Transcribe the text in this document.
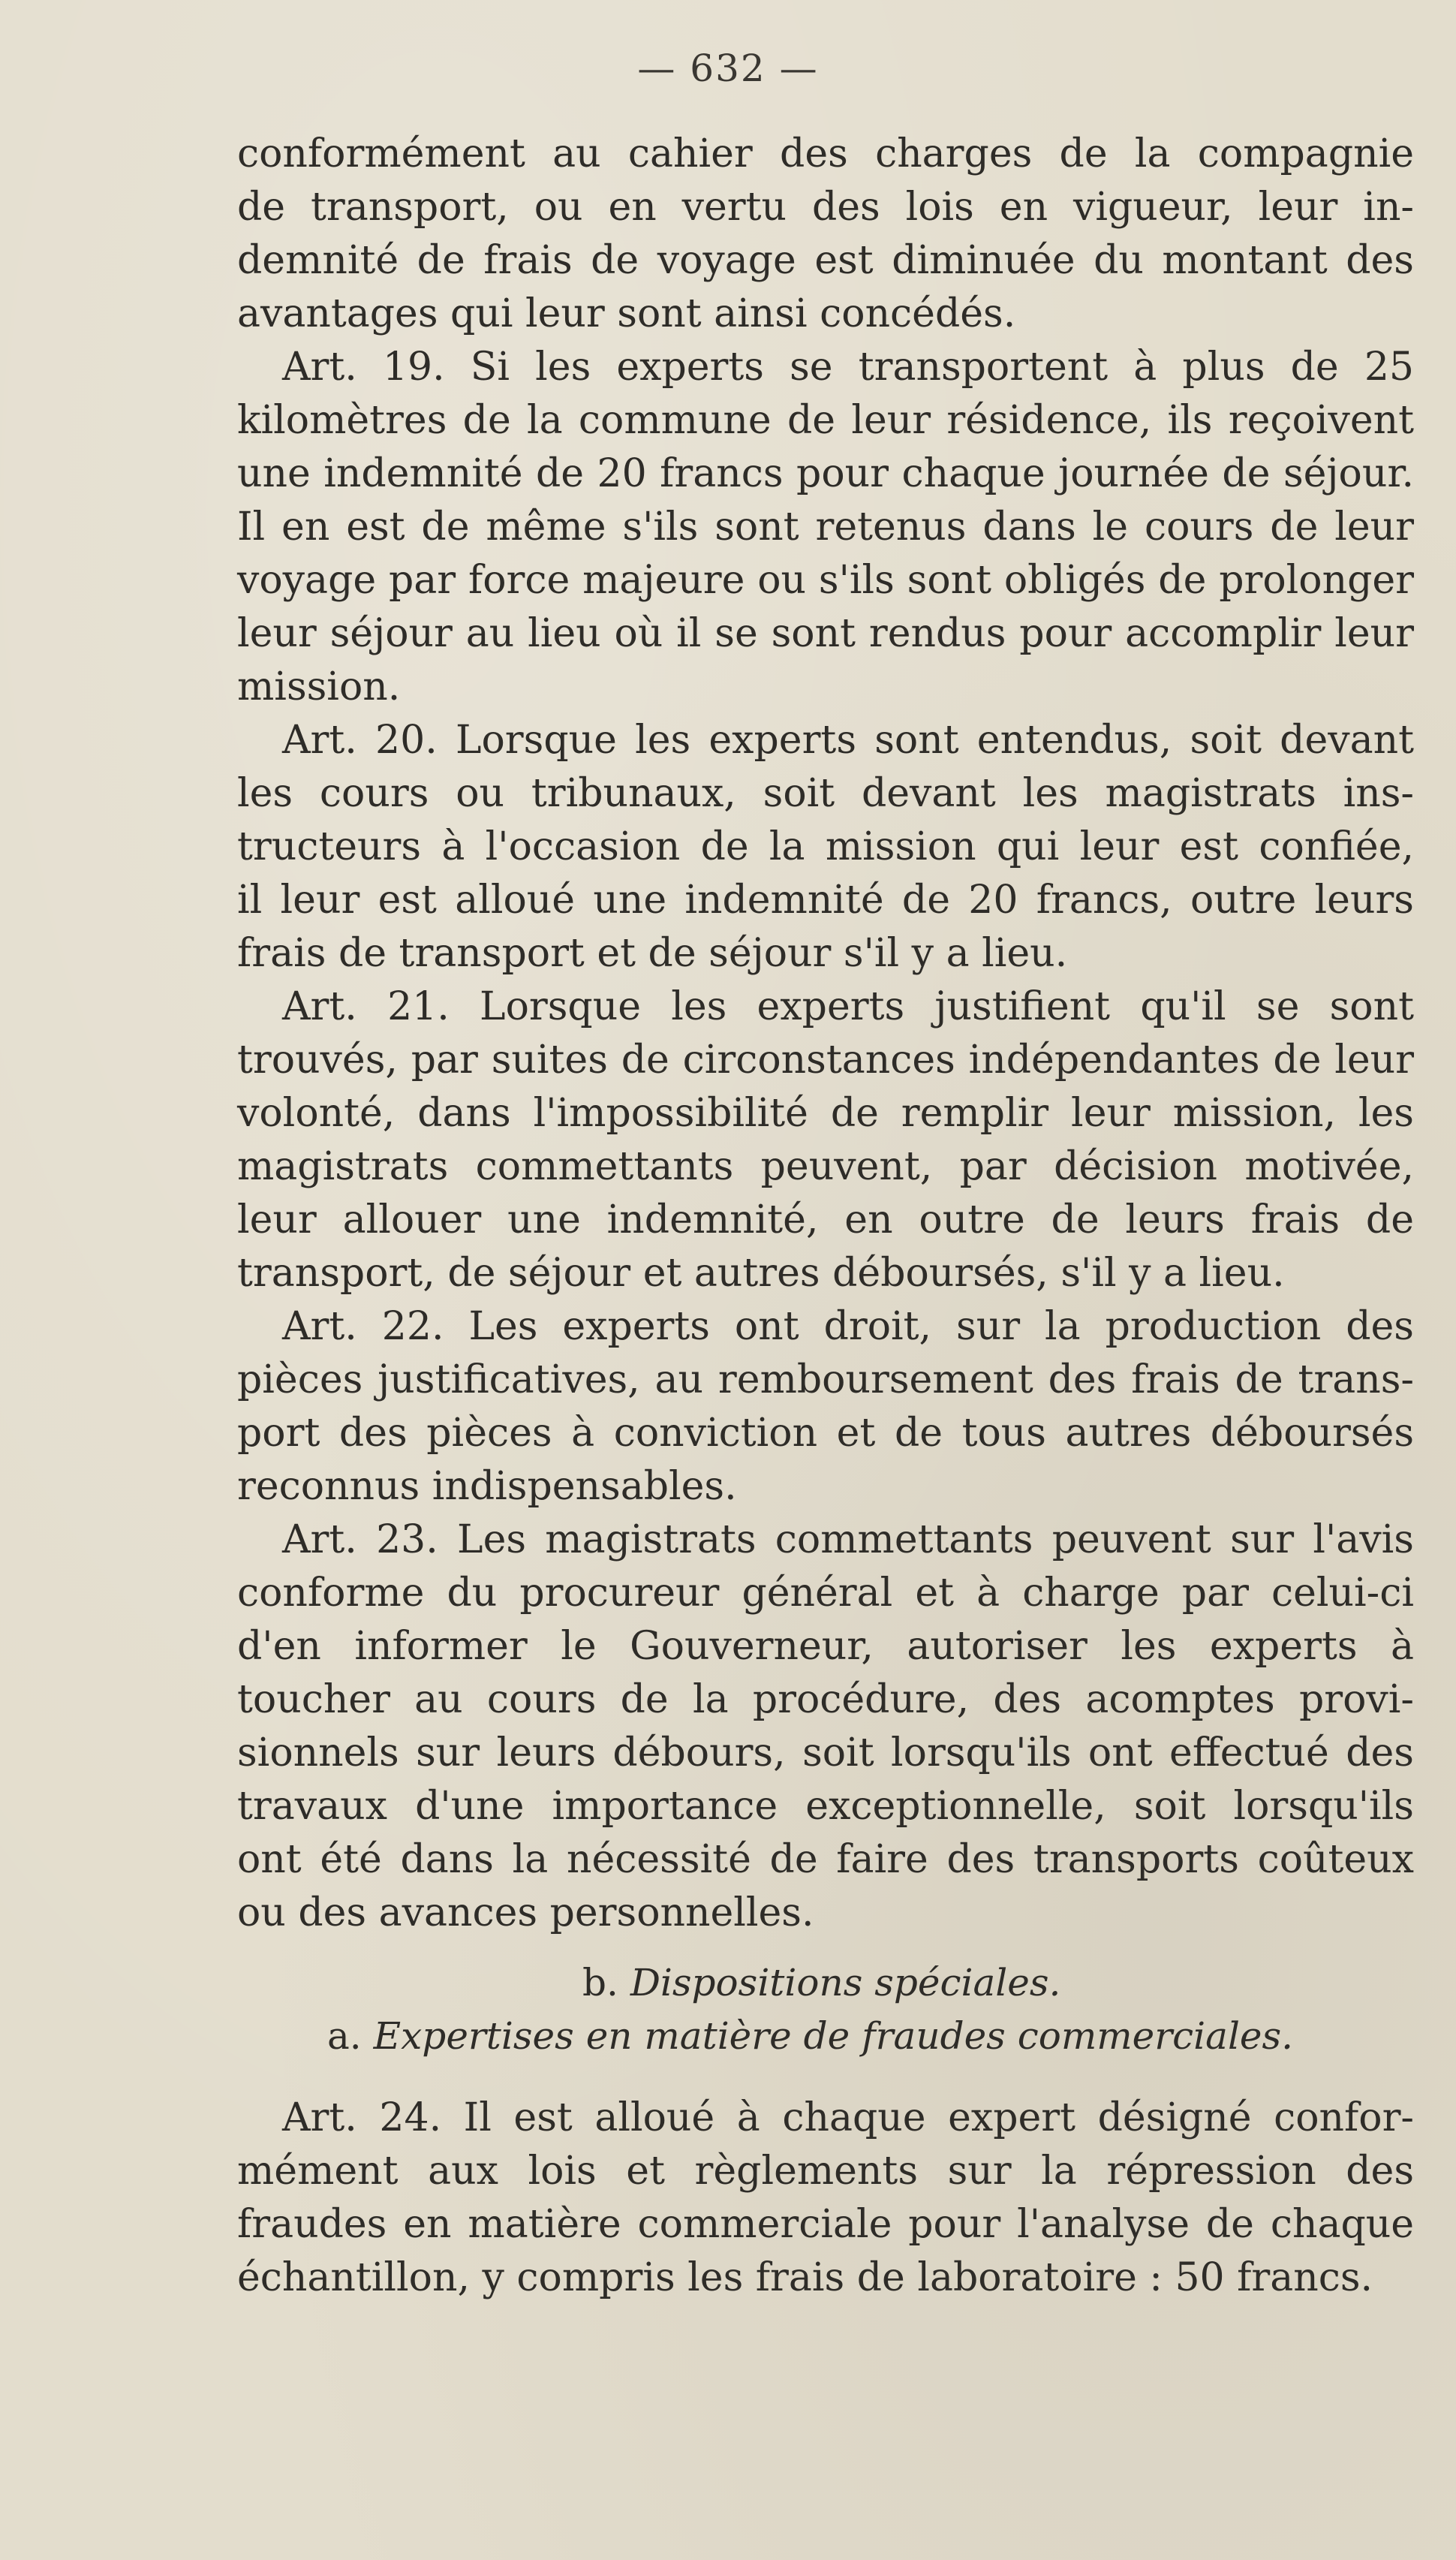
— 632 —
conformément au cahier des charges de la compagnie
de transport, ou en vertu des lois en vigueur, leur in-
demnité de frais de voyage est diminuée du montant des
avantages qui leur sont ainsi concédés.
Art. 19. Si les experts se transportent à plus de 25
kilomètres de la commune de leur résidence, ils reçoivent
une indemnité de 20 francs pour chaque journée de séjour.
Il en est de même s'ils sont retenus dans le cours de leur
voyage par force majeure ou s'ils sont obligés de prolonger
leur séjour au lieu où il se sont rendus pour accomplir leur
mission.
Art. 20. Lorsque les experts sont entendus, soit devant
les cours ou tribunaux, soit devant les magistrats ins-
tructeurs à l'occasion de la mission qui leur est confiée,
il leur est alloué une indemnité de 20 francs, outre leurs
frais de transport et de séjour s'il y a lieu.
Art. 21. Lorsque les experts justifient qu'il se sont
trouvés, par suites de circonstances indépendantes de leur
volonté, dans l'impossibilité de remplir leur mission, les
magistrats commettants peuvent, par décision motivée,
leur allouer une indemnité, en outre de leurs frais de
transport, de séjour et autres déboursés, s'il y a lieu.
Art. 22. Les experts ont droit, sur la production des
pièces justificatives, au remboursement des frais de trans-
port des pièces à conviction et de tous autres déboursés
reconnus indispensables.
Art. 23. Les magistrats commettants peuvent sur l'avis
conforme du procureur général et à charge par celui-ci
d'en informer le Gouverneur, autoriser les experts à
toucher au cours de la procédure, des acomptes provi-
sionnels sur leurs débours, soit lorsqu'ils ont effectué des
travaux d'une importance exceptionnelle, soit lorsqu'ils
ont été dans la nécessité de faire des transports coûteux
ou des avances personnelles.
b. Dispositions spéciales.
a. Expertises en matière de fraudes commerciales.
Art. 24. Il est alloué à chaque expert désigné confor-
mément aux lois et règlements sur la répression des
fraudes en matière commerciale pour l'analyse de chaque
échantillon, y compris les frais de laboratoire : 50 francs.
